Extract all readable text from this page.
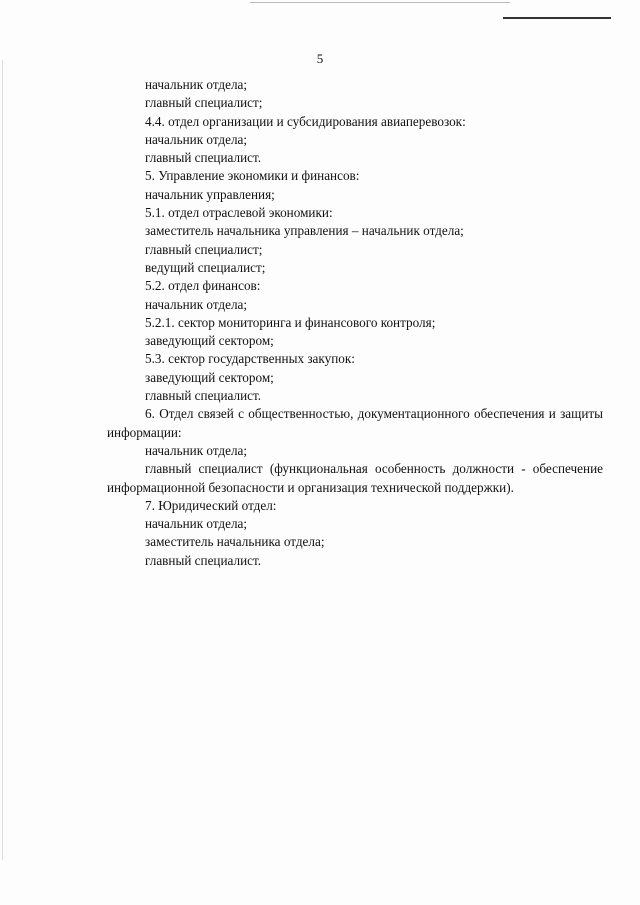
5
начальник отдела;
главный специалист;
4.4. отдел организации и субсидирования авиаперевозок:
начальник отдела;
главный специалист.
5. Управление экономики и финансов:
начальник управления;
5.1. отдел отраслевой экономики:
заместитель начальника управления – начальник отдела;
главный специалист;
ведущий специалист;
5.2. отдел финансов:
начальник отдела;
5.2.1. сектор мониторинга и финансового контроля;
заведующий сектором;
5.3. сектор государственных закупок:
заведующий сектором;
главный специалист.
6. Отдел связей с общественностью, документационного обеспечения и защиты информации:
начальник отдела;
главный специалист (функциональная особенность должности - обеспечение информационной безопасности и организация технической поддержки).
7. Юридический отдел:
начальник отдела;
заместитель начальника отдела;
главный специалист.
